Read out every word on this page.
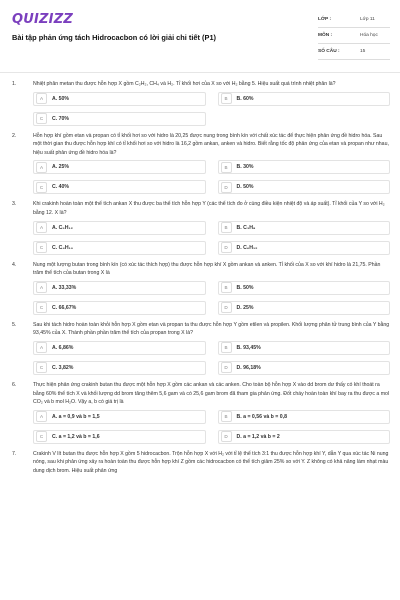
QUIZIZZ
Bài tập phản ứng tách Hidrocacbon có lời giải chi tiết (P1)
LỚP :	Lớp 11
MÔN :	Hóa học
SỐ CÂU :	15
1.	Nhiệt phân metan thu được hỗn hợp X gồm C₂H₂, CH₄ và H₂. Tỉ khối hơi của X so với H₂ bằng 5. Hiệu suất quá trình nhiệt phân là?
A	A. 50%	B	B. 60%
C	C. 70%
2.	Hỗn hợp khí gồm etan và propan có tỉ khối hơi so với hidro là 20,25 được nung trong bình kín với chất xúc tác để thực hiện phản ứng đề hidro hóa. Sau một thời gian thu được hỗn hợp khí có tỉ khối hơi so với hidro là 16,2 gồm ankan, anken và hidro. Biết rằng tốc độ phản ứng của etan và propan như nhau, hiệu suất phản ứng đề hidro hóa là?
A	A. 25%	B	B. 30%
C	C. 40%	D	D. 50%
3.	Khi crakinh hoàn toàn một thể tích ankan X thu được ba thể tích hỗn hợp Y (các thể tích đo ở cùng điều kiện nhiệt độ và áp suất). Tỉ khối của Y so với H₂ bằng 12. X là?
A	A. C₅H₁₂	B	B. C₃H₈
C	C. C₄H₁₀	D	D. C₆H₁₂
4.	Nung một lượng butan trong bình kín (có xúc tác thích hợp) thu được hỗn hợp khí X gồm ankan và anken. Tỉ khối của X so với khí hidro là 21,75. Phần trăm thể tích của butan trong X là
A	A. 33,33%	B	B. 50%
C	C. 66,67%	D	D. 25%
5.	Sau khi tách hidro hoàn toàn khỏi hỗn hợp X gồm etan và propan ta thu được hỗn hợp Y gồm etilen và propilen. Khối lượng phân tử trung bình của Y bằng 93,45% của X. Thành phần phần trăm thể tích của propan trong X là?
A	A. 6,86%	B	B. 93,45%
C	C. 3,82%	D	D. 96,18%
6.	Thực hiện phản ứng crakinh butan thu được một hỗn hợp X gồm các ankan và các anken. Cho toàn bộ hỗn hợp X vào dd brom dư thấy có khí thoát ra bằng 60% thể tích X và khối lượng dd brom tăng thêm 5,6 gam và có 25,6 gam brom đã tham gia phản ứng. Đốt cháy hoàn toàn khí bay ra thu được a mol CO₂ và b mol H₂O. Vậy a, b có giá trị là
A	A. a = 0,9 và b = 1,5	B	B. a = 0,56 và b = 0,8
C	C. a = 1,2 và b = 1,6	D	D. a = 1,2 và b = 2
7.	Crakinh V lít butan thu được hỗn hợp X gồm 5 hidrocacbon. Trộn hỗn hợp X với H₂ với tỉ lệ thể tích 3:1 thu được hỗn hợp khí Y, dẫn Y qua xúc tác Ni nung nóng, sau khi phản ứng xảy ra hoàn toàn thu được hỗn hợp khí Z gồm các hidrocacbon có thể tích giảm 25% so với Y. Z không có khả năng làm nhạt màu dung dịch brom. Hiệu suất phản ứng
